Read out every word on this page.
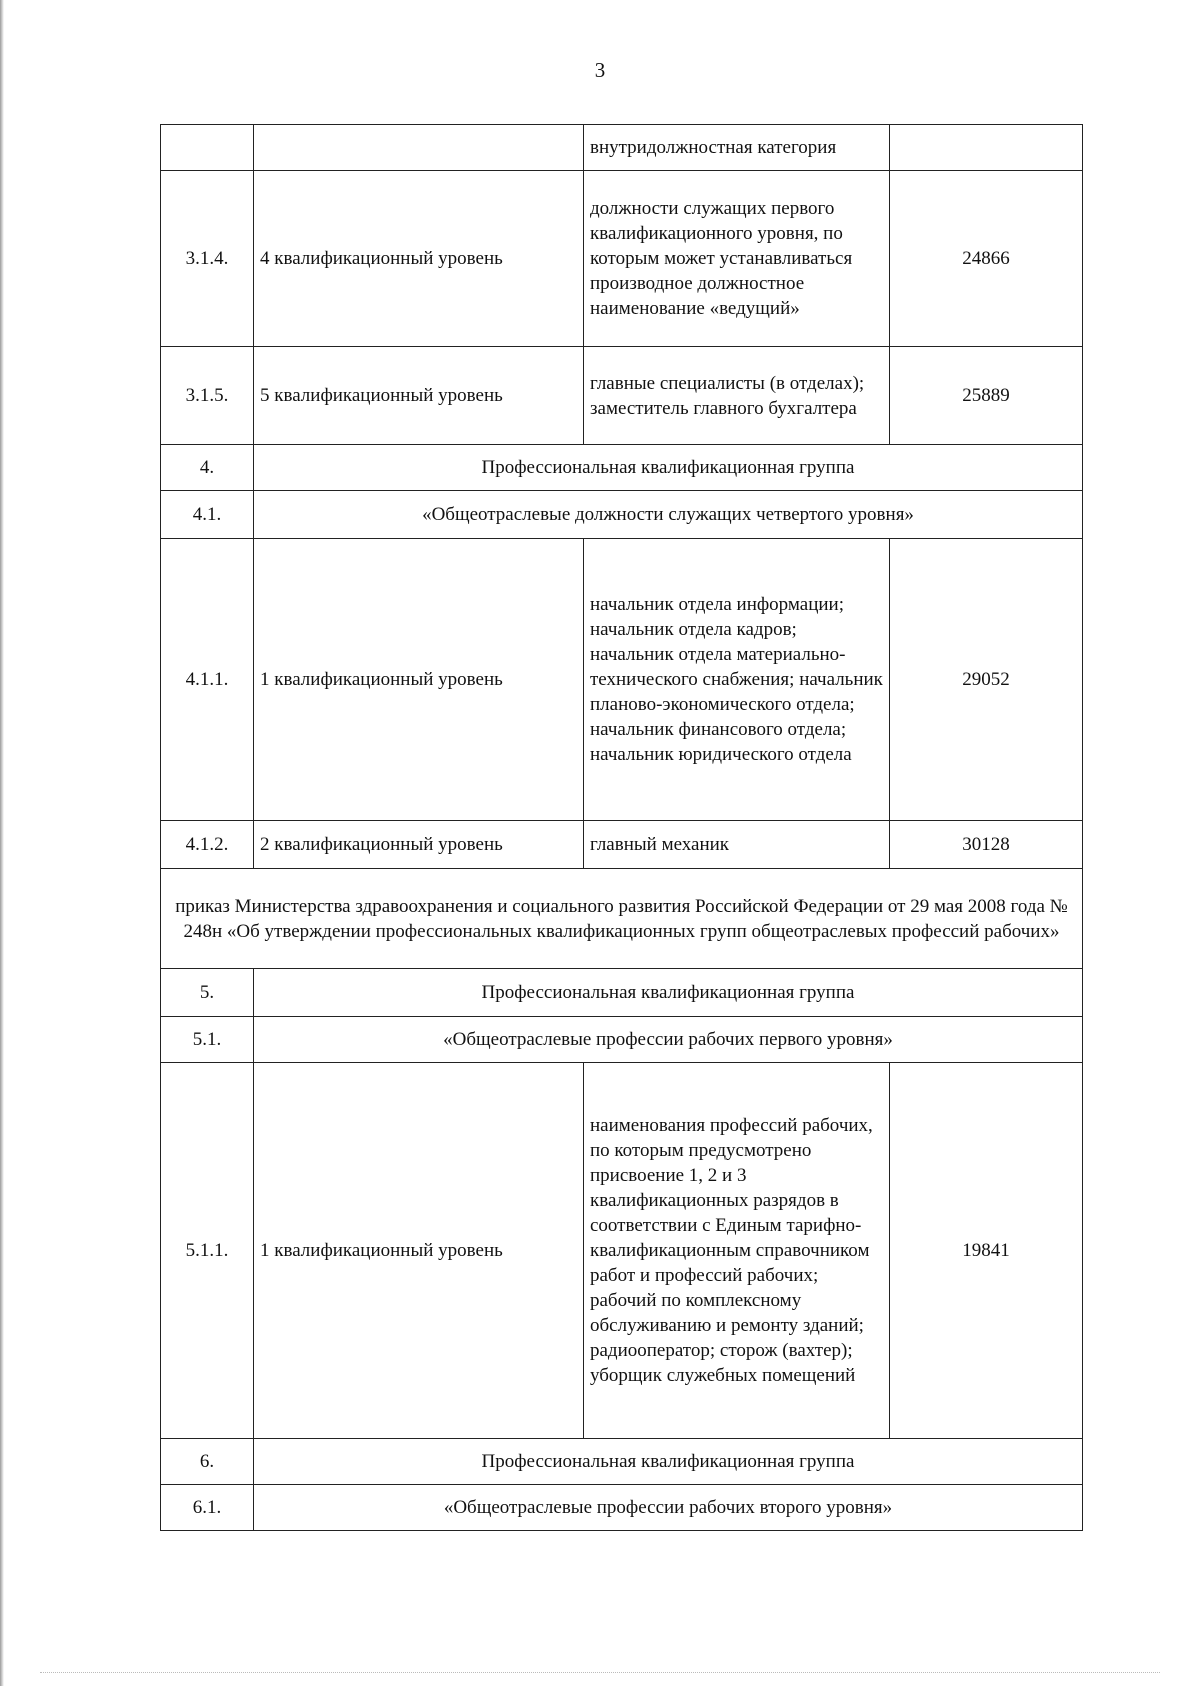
3
		внутридолжностная категория	
3.1.4.	4 квалификационный уровень	должности служащих первого квалификационного уровня, по которым может устанавливаться производное должностное наименование «ведущий»	24866
3.1.5.	5 квалификационный уровень	главные специалисты (в отделах); заместитель главного бухгалтера	25889
4.	Профессиональная квалификационная группа		
4.1.	«Общеотраслевые должности служащих четвертого уровня»		
4.1.1.	1 квалификационный уровень	начальник отдела информации; начальник отдела кадров; начальник отдела материально-технического снабжения; начальник планово-экономического отдела; начальник финансового отдела; начальник юридического отдела	29052
4.1.2.	2 квалификационный уровень	главный механик	30128
приказ Министерства здравоохранения и социального развития Российской Федерации от 29 мая 2008 года № 248н «Об утверждении профессиональных квалификационных групп общеотраслевых профессий рабочих»			
5.	Профессиональная квалификационная группа		
5.1.	«Общеотраслевые профессии рабочих первого уровня»		
5.1.1.	1 квалификационный уровень	наименования профессий рабочих, по которым предусмотрено присвоение 1, 2 и 3 квалификационных разрядов в соответствии с Единым тарифно-квалификационным справочником работ и профессий рабочих; рабочий по комплексному обслуживанию и ремонту зданий; радиооператор; сторож (вахтер); уборщик служебных помещений	19841
6.	Профессиональная квалификационная группа		
6.1.	«Общеотраслевые профессии рабочих второго уровня»		
